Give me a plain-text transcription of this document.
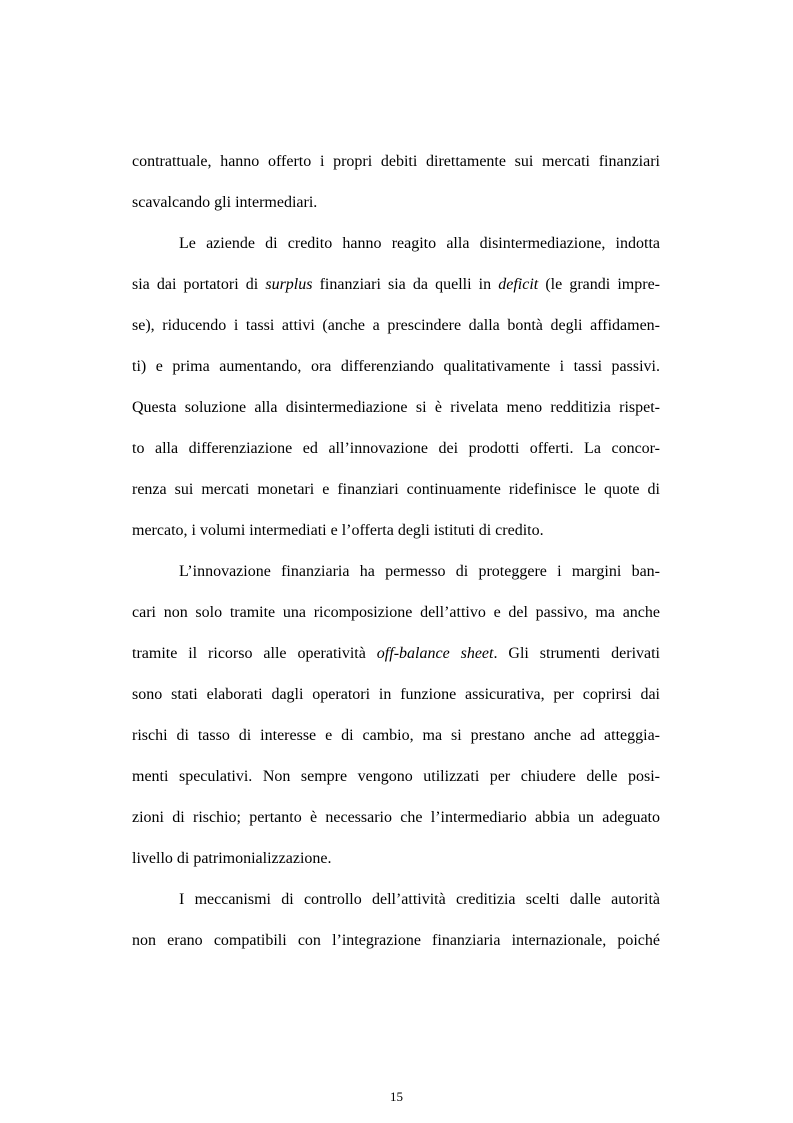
contrattuale, hanno offerto i propri debiti direttamente sui mercati finanziari
scavalcando gli intermediari.
Le aziende di credito hanno reagito alla disintermediazione, indotta
sia dai portatori di surplus finanziari sia da quelli in deficit (le grandi impre-
se), riducendo i tassi attivi (anche a prescindere dalla bontà degli affidamen-
ti) e prima aumentando, ora differenziando qualitativamente i tassi passivi.
Questa soluzione alla disintermediazione si è rivelata meno redditizia rispet-
to alla differenziazione ed all’innovazione dei prodotti offerti. La concor-
renza sui mercati monetari e finanziari continuamente ridefinisce le quote di
mercato, i volumi intermediati e l’offerta degli istituti di credito.
L’innovazione finanziaria ha permesso di proteggere i margini ban-
cari non solo tramite una ricomposizione dell’attivo e del passivo, ma anche
tramite il ricorso alle operatività off-balance sheet. Gli strumenti derivati
sono stati elaborati dagli operatori in funzione assicurativa, per coprirsi dai
rischi di tasso di interesse e di cambio, ma si prestano anche ad atteggia-
menti speculativi. Non sempre vengono utilizzati per chiudere delle posi-
zioni di rischio; pertanto è necessario che l’intermediario abbia un adeguato
livello di patrimonializzazione.
I meccanismi di controllo dell’attività creditizia scelti dalle autorità
non erano compatibili con l’integrazione finanziaria internazionale, poiché
15
